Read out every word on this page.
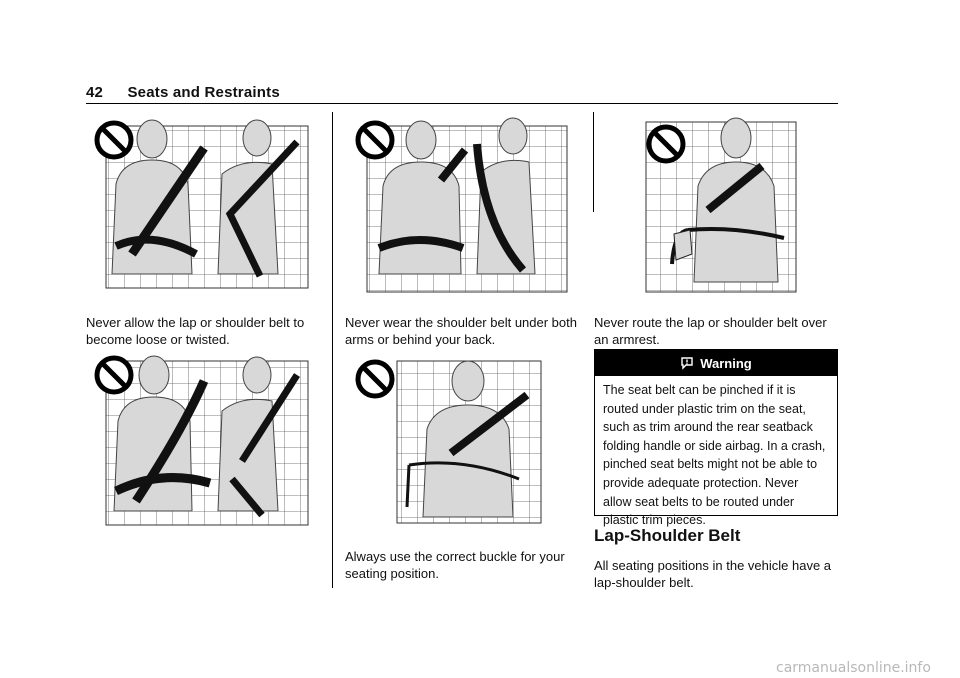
42 Seats and Restraints
Never allow the lap or shoulder belt to become loose or twisted.
Never wear the shoulder belt under both arms or behind your back.
Always use the correct buckle for your seating position.
Never route the lap or shoulder belt over an armrest.
Warning
The seat belt can be pinched if it is routed under plastic trim on the seat, such as trim around the rear seatback folding handle or side airbag. In a crash, pinched seat belts might not be able to provide adequate protection. Never allow seat belts to be routed under plastic trim pieces.
Lap-Shoulder Belt
All seating positions in the vehicle have a lap-shoulder belt.
carmanualsonline.info
